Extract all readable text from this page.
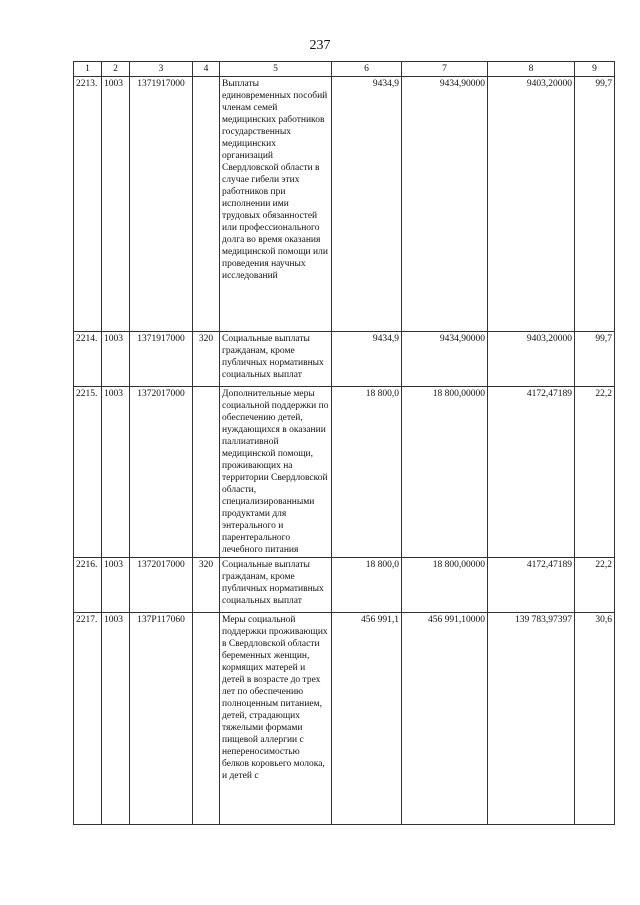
237
1	2	3	4	5	6	7	8	9
2213.	1003	1371917000		Выплаты единовременных пособий членам семей медицинских работников государственных медицинских организаций Свердловской области в случае гибели этих работников при исполнении ими трудовых обязанностей или профессионального долга во время оказания медицинской помощи или проведения научных исследований	9434,9	9434,90000	9403,20000	99,7
2214.	1003	1371917000	320	Социальные выплаты гражданам, кроме публичных нормативных социальных выплат	9434,9	9434,90000	9403,20000	99,7
2215.	1003	1372017000		Дополнительные меры социальной поддержки по обеспечению детей, нуждающихся в оказании паллиативной медицинской помощи, проживающих на территории Свердловской области, специализированными продуктами для энтерального и парентерального лечебного питания	18 800,0	18 800,00000	4172,47189	22,2
2216.	1003	1372017000	320	Социальные выплаты гражданам, кроме публичных нормативных социальных выплат	18 800,0	18 800,00000	4172,47189	22,2
2217.	1003	137P117060		Меры социальной поддержки проживающих в Свердловской области беременных женщин, кормящих матерей и детей в возрасте до трех лет по обеспечению полноценным питанием, детей, страдающих тяжелыми формами пищевой аллергии с непереносимостью белков коровьего молока, и детей с	456 991,1	456 991,10000	139 783,97397	30,6
